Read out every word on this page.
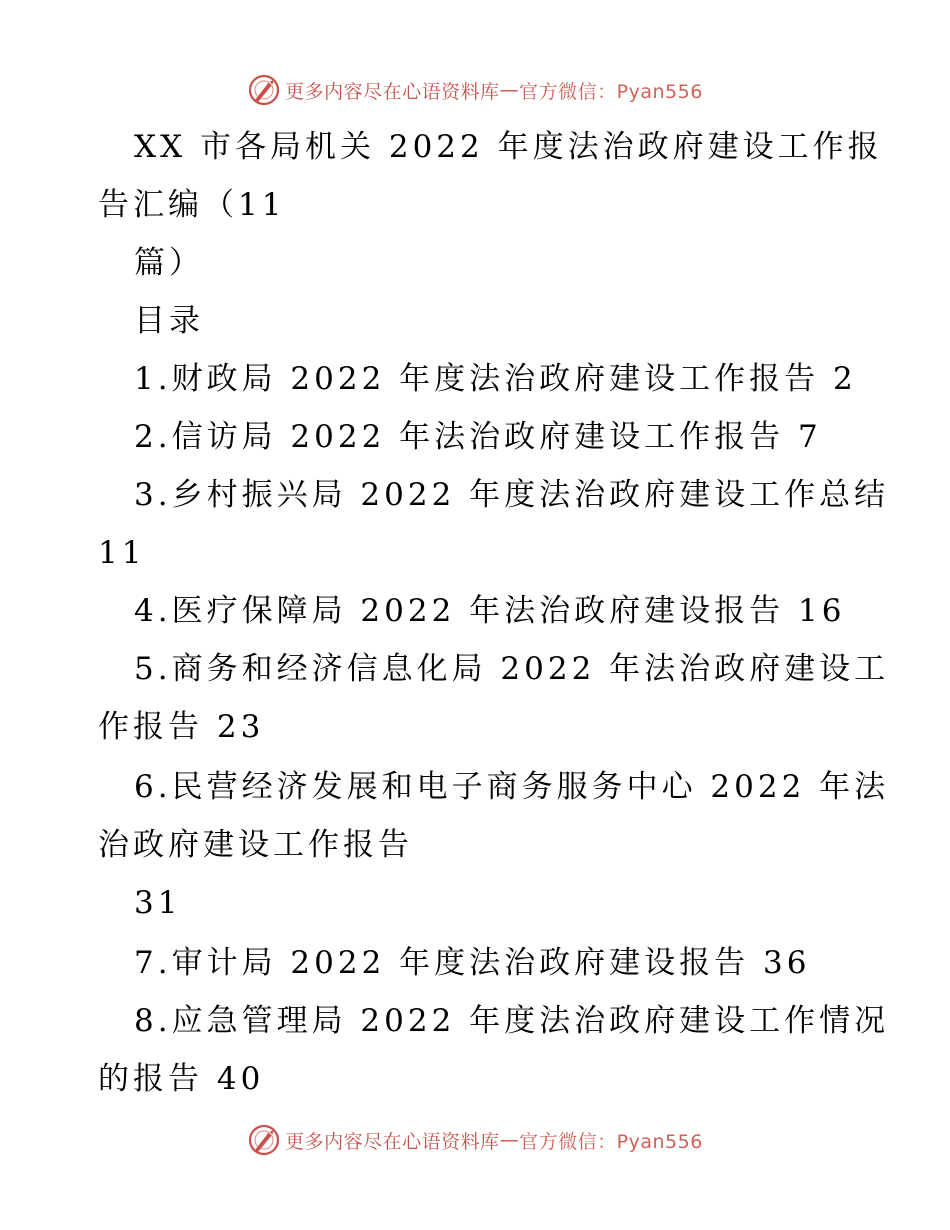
更多内容尽在心语资料库 — 官方微信：Pyan556
XX 市各局机关 2022 年度法治政府建设工作报
告汇编（11
篇）
目录
1.财政局 2022 年度法治政府建设工作报告 2
2.信访局 2022 年法治政府建设工作报告 7
3.乡村振兴局 2022 年度法治政府建设工作总结
11
4.医疗保障局 2022 年法治政府建设报告 16
5.商务和经济信息化局 2022 年法治政府建设工
作报告 23
6.民营经济发展和电子商务服务中心 2022 年法
治政府建设工作报告
31
7.审计局 2022 年度法治政府建设报告 36
8.应急管理局 2022 年度法治政府建设工作情况
的报告 40
更多内容尽在心语资料库 — 官方微信：Pyan556
